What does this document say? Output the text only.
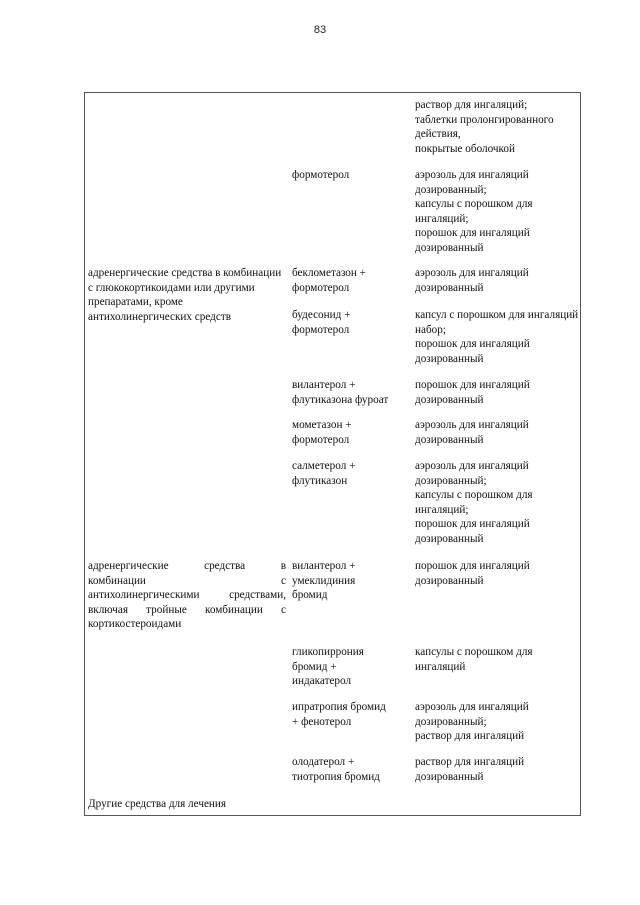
83

раствор для ингаляций;
таблетки пролонгированного действия,
покрытые оболочкой

формотерол	аэрозоль для ингаляций дозированный;
капсулы с порошком для ингаляций;
порошок для ингаляций дозированный

адренергические средства в комбинации с глюкокортикоидами или другими препаратами, кроме антихолинергических средств

беклометазон +
формотерол

аэрозоль для ингаляций дозированный

будесонид +
формотерол

капсул с порошком для ингаляций набор;
порошок для ингаляций дозированный

вилантерол +
флутиказона фуроат

порошок для ингаляций дозированный

мометазон +
формотерол

аэрозоль для ингаляций дозированный

салметерол +
флутиказон

аэрозоль для ингаляций дозированный;
капсулы с порошком для ингаляций;
порошок для ингаляций дозированный

адренергические средства в
комбинации с
антихолинергическими средствами,
включая тройные комбинации с
кортикостероидами

вилантерол +
умеклидиния
бромид

порошок для ингаляций дозированный

гликопиррония
бромид +
индакатерол

капсулы с порошком для ингаляций

ипратропия бромид
+ фенотерол

аэрозоль для ингаляций дозированный;
раствор для ингаляций

олодатерол +
тиотропия бромид

раствор для ингаляций дозированный

Другие средства для лечения
